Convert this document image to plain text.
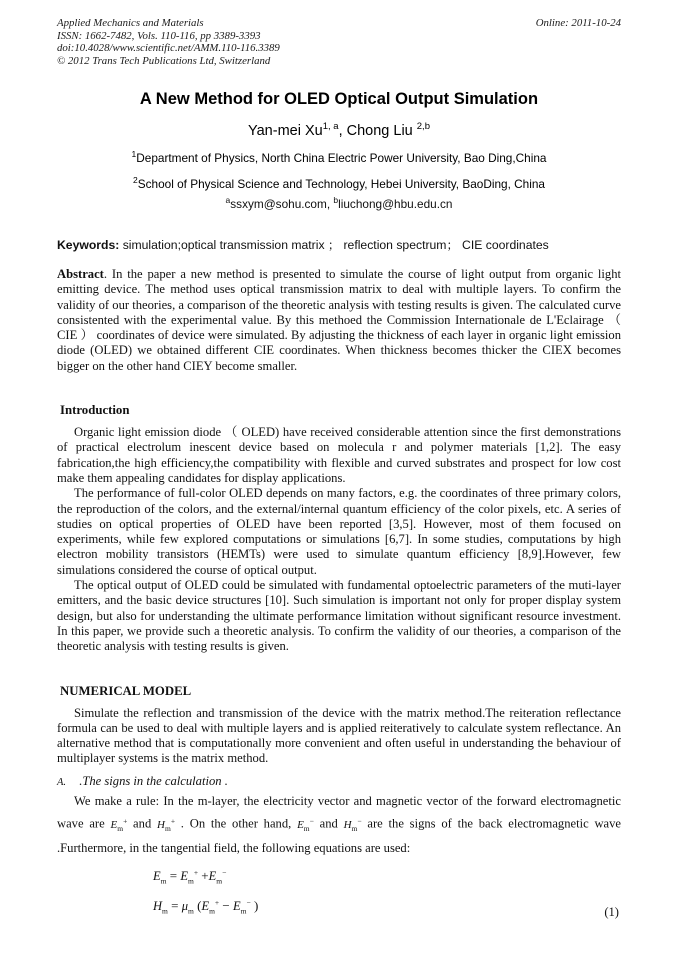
Applied Mechanics and Materials
ISSN: 1662-7482, Vols. 110-116, pp 3389-3393
doi:10.4028/www.scientific.net/AMM.110-116.3389
© 2012 Trans Tech Publications Ltd, Switzerland
Online: 2011-10-24
A New Method for OLED Optical Output Simulation
Yan-mei Xu$^{1, a}$, Chong Liu $^{2,b}$
$^1$Department of Physics, North China Electric Power University, Bao Ding,China
$^2$School of Physical Science and Technology, Hebei University, BaoDing, China
$^a$ssxym@sohu.com, $^b$liuchong@hbu.edu.cn
Keywords: simulation;optical transmission matrix ； reflection spectrum； CIE coordinates
Abstract. In the paper a new method is presented to simulate the course of light output from organic light emitting device. The method uses optical transmission matrix to deal with multiple layers. To confirm the validity of our theories, a comparison of the theoretic analysis with testing results is given. The calculated curve consistented with the experimental value. By this methoed the Commission Internationale de L'Eclairage （ CIE ） coordinates of device were simulated. By adjusting the thickness of each layer in organic light emission diode (OLED) we obtained different CIE coordinates. When thickness becomes thicker the CIEX becomes bigger on the other hand CIEY become smaller.
Introduction
Organic light emission diode （ OLED) have received considerable attention since the first demonstrations of practical electrolum inescent device based on molecula r and polymer materials [1,2]. The easy fabrication,the high efficiency,the compatibility with flexible and curved substrates and prospect for low cost make them appealing candidates for display applications.
The performance of full-color OLED depends on many factors, e.g. the coordinates of three primary colors, the reproduction of the colors, and the external/internal quantum efficiency of the color pixels, etc. A series of studies on optical properties of OLED have been reported [3,5]. However, most of them focused on experiments, while few explored computations or simulations [6,7]. In some studies, computations by high electron mobility transistors (HEMTs) were used to simulate quantum efficiency [8,9].However, few simulations considered the course of optical output.
The optical output of OLED could be simulated with fundamental optoelectric parameters of the muti-layer emitters, and the basic device structures [10]. Such simulation is important not only for proper display system design, but also for understanding the ultimate performance limitation without significant resource investment. In this paper, we provide such a theoretic analysis. To confirm the validity of our theories, a comparison of the theoretic analysis with testing results is given.
NUMERICAL MODEL
Simulate the reflection and transmission of the device with the matrix method.The reiteration reflectance formula can be used to deal with multiple layers and is applied reiteratively to calculate system reflectance. An alternative method that is computationally more convenient and often useful in understanding the behaviour of multiplayer systems is the matrix method.
A. .The signs in the calculation .
We make a rule: In the m-layer, the electricity vector and magnetic vector of the forward electromagnetic wave are $E_m^+$ and $H_m^+$ . On the other hand, $E_m^-$ and $H_m^-$ are the signs of the back electromagnetic wave .Furthermore, in the tangential field, the following equations are used:
$E_m = E_m^+ +E_m^-$
$H_m = \mu_m$ ($E_m^+ - E_m^-$ )	(1)
